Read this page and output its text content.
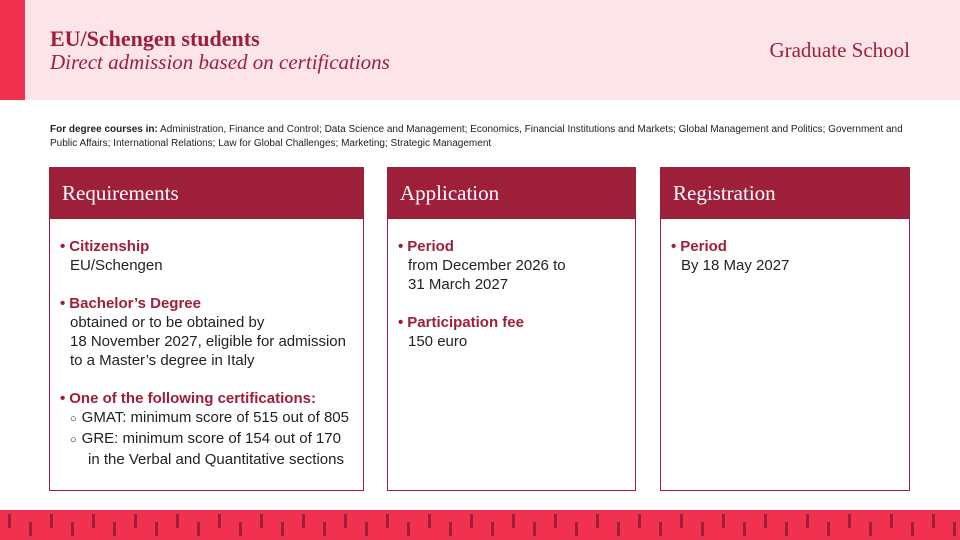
EU/Schengen students
Direct admission based on certifications	Graduate School
For degree courses in: Administration, Finance and Control; Data Science and Management; Economics, Financial Institutions and Markets; Global Management and Politics; Government and Public Affairs; International Relations; Law for Global Challenges; Marketing; Strategic Management
Requirements
• Citizenship
EU/Schengen
• Bachelor’s Degree
obtained or to be obtained by
18 November 2027, eligible for admission
to a Master’s degree in Italy
• One of the following certifications:
○ GMAT: minimum score of 515 out of 805
○ GRE: minimum score of 154 out of 170
in the Verbal and Quantitative sections
Application
• Period
from December 2026 to
31 March 2027
• Participation fee
150 euro
Registration
• Period
By 18 May 2027
